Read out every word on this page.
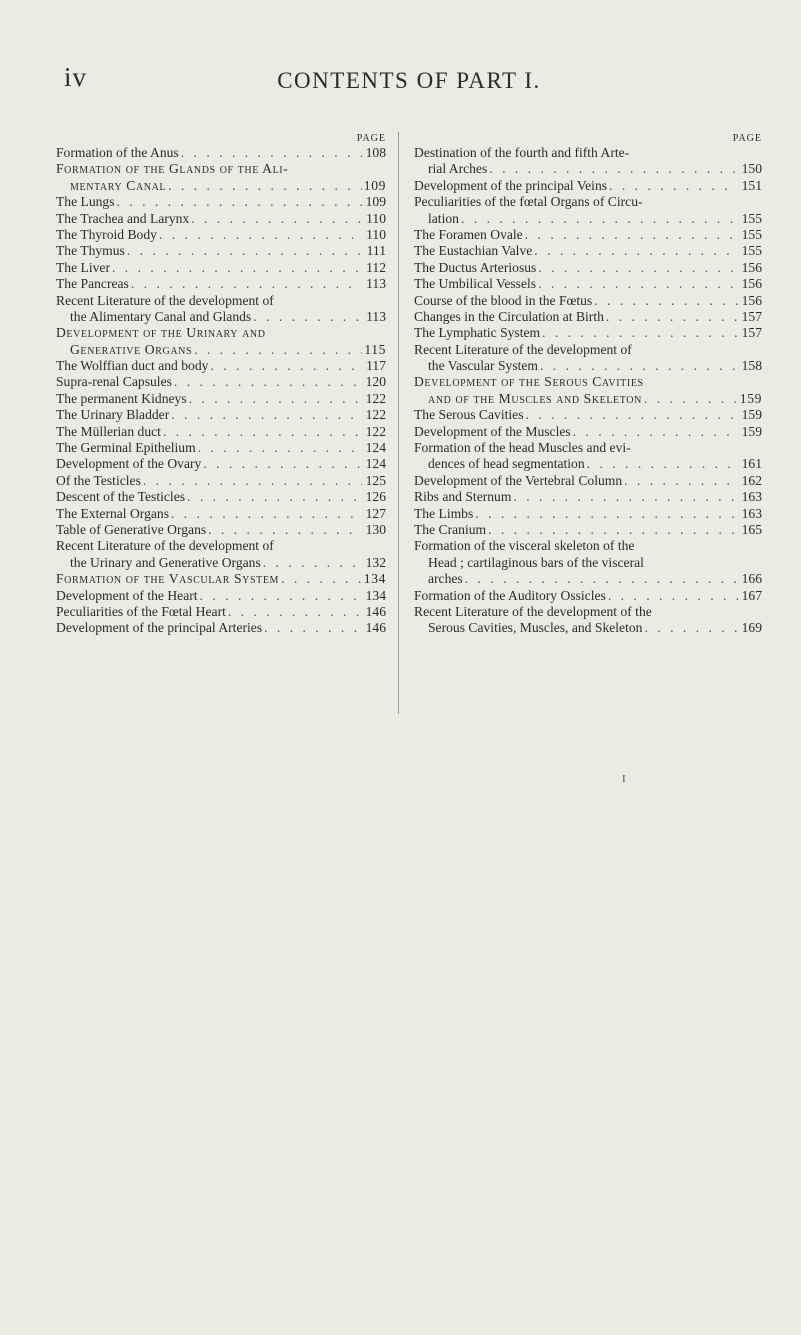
iv	CONTENTS OF PART I.
PAGE
Formation of the Anus . . .	108
Formation of the Glands of the Ali-
mentary Canal . . .	109
The Lungs . . .	109
The Trachea and Larynx . . .	110
The Thyroid Body . . .	110
The Thymus . . .	111
The Liver . . .	112
The Pancreas . . .	113
Recent Literature of the development of
the Alimentary Canal and Glands . . .	113
Development of the Urinary and
Generative Organs . . .	115
The Wolffian duct and body . . .	117
Supra-renal Capsules . . .	120
The permanent Kidneys . . .	122
The Urinary Bladder . . .	122
The Müllerian duct . . .	122
The Germinal Epithelium . . .	124
Development of the Ovary . . .	124
Of the Testicles . . .	125
Descent of the Testicles . . .	126
The External Organs . . .	127
Table of Generative Organs . . .	130
Recent Literature of the development of
the Urinary and Generative Organs . . .	132
Formation of the Vascular System . . .	134
Development of the Heart . . .	134
Peculiarities of the Fœtal Heart . . .	146
Development of the principal Arteries . . .	146
PAGE
Destination of the fourth and fifth Arte-
rial Arches . . .	150
Development of the principal Veins . . .	151
Peculiarities of the fœtal Organs of Circu-
lation . . .	155
The Foramen Ovale . . .	155
The Eustachian Valve . . .	155
The Ductus Arteriosus . . .	156
The Umbilical Vessels . . .	156
Course of the blood in the Fœtus . . .	156
Changes in the Circulation at Birth . . .	157
The Lymphatic System . . .	157
Recent Literature of the development of
the Vascular System . . .	158
Development of the Serous Cavities
and of the Muscles and Skeleton . . .	159
The Serous Cavities . . .	159
Development of the Muscles . . .	159
Formation of the head Muscles and evi-
dences of head segmentation . . .	161
Development of the Vertebral Column . . .	162
Ribs and Sternum . . .	163
The Limbs . . .	163
The Cranium . . .	165
Formation of the visceral skeleton of the
Head ; cartilaginous bars of the visceral
arches . . .	166
Formation of the Auditory Ossicles . . .	167
Recent Literature of the development of the
Serous Cavities, Muscles, and Skeleton . . .	169
I
